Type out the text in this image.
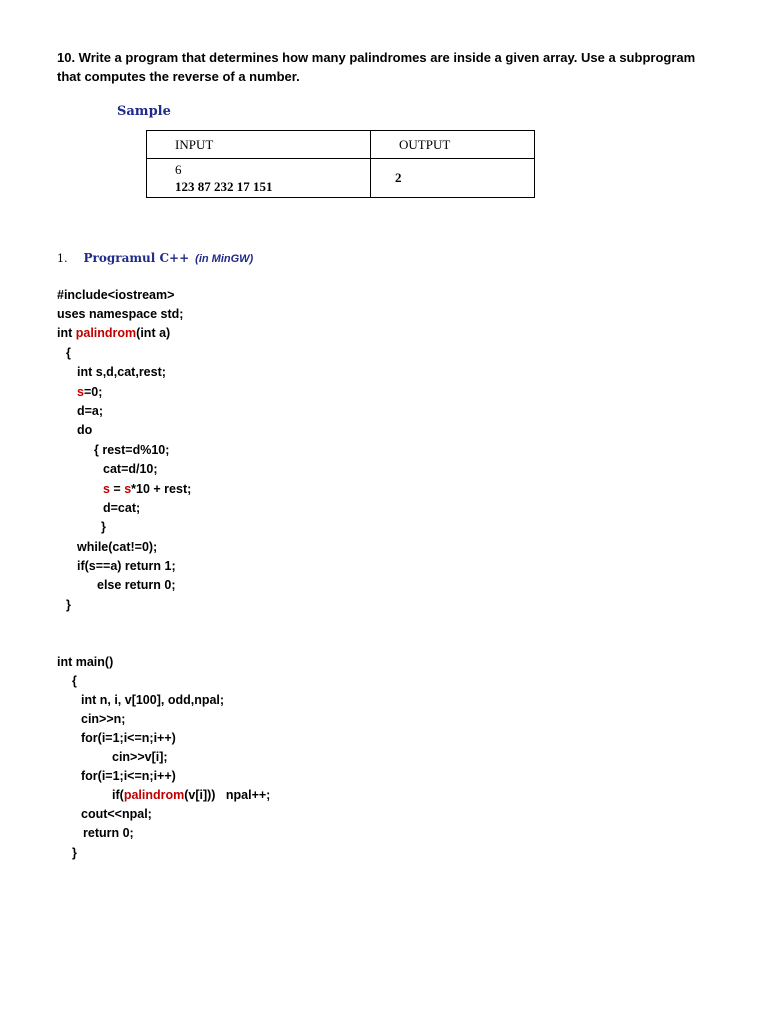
10. Write a program that determines how many palindromes are inside a given array. Use a subprogram
that computes the reverse of a number.
Sample
INPUT	OUTPUT

6
123 87 232 17 151	2
1. Programul C++ (in MinGW)
#include<iostream>
uses namespace std;
int palindrom(int a)
{
int s,d,cat,rest;
s=0;
d=a;
do
{ rest=d%10;
cat=d/10;
s = s*10 + rest;
d=cat;
}
while(cat!=0);
if(s==a) return 1;
else return 0;
}
int main()
{
int n, i, v[100], odd,npal;
cin>>n;
for(i=1;i<=n;i++)
cin>>v[i];
for(i=1;i<=n;i++)
if(palindrom(v[i]))   npal++;
cout<<npal;
return 0;
}
